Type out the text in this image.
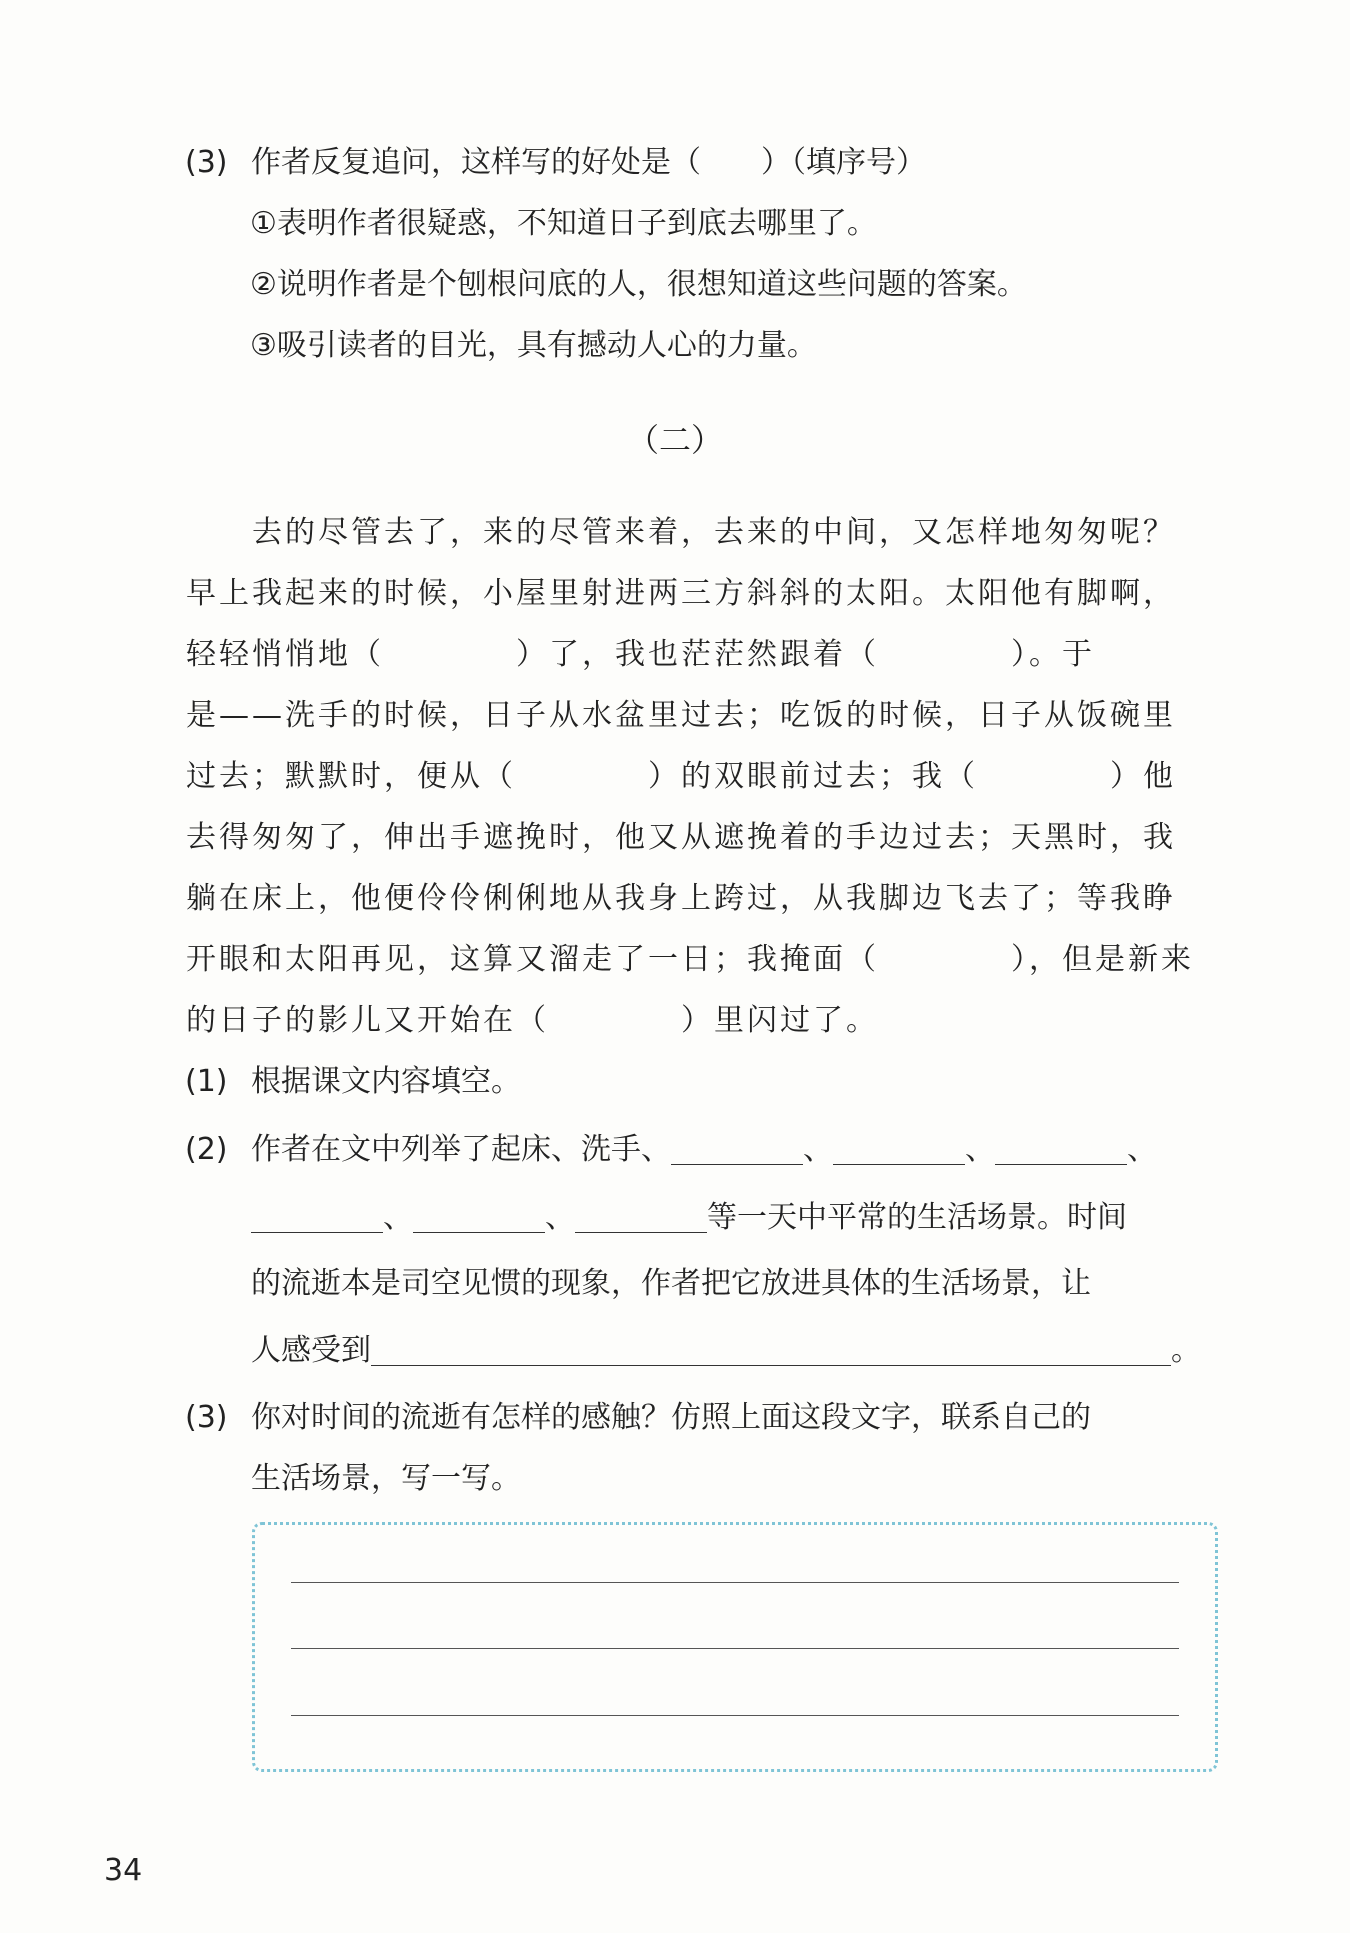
(3) 作者反复追问，这样写的好处是（　　）（填序号）

①表明作者很疑惑，不知道日子到底去哪里了。

②说明作者是个刨根问底的人，很想知道这些问题的答案。

③吸引读者的目光，具有撼动人心的力量。

（二）

　　去的尽管去了，来的尽管来着，去来的中间，又怎样地匆匆呢？

早上我起来的时候，小屋里射进两三方斜斜的太阳。太阳他有脚啊，

轻轻悄悄地（　　　　）了，我也茫茫然跟着（　　　　）。于

是——洗手的时候，日子从水盆里过去；吃饭的时候，日子从饭碗里

过去；默默时，便从（　　　　）的双眼前过去；我（　　　　）他

去得匆匆了，伸出手遮挽时，他又从遮挽着的手边过去；天黑时，我

躺在床上，他便伶伶俐俐地从我身上跨过，从我脚边飞去了；等我睁

开眼和太阳再见，这算又溜走了一日；我掩面（　　　　），但是新来

的日子的影儿又开始在（　　　　）里闪过了。

(1) 根据课文内容填空。

(2) 作者在文中列举了起床、洗手、	、	、	、

、	、	等一天中平常的生活场景。时间

的流逝本是司空见惯的现象，作者把它放进具体的生活场景，让

人感受到	。

(3) 你对时间的流逝有怎样的感触？仿照上面这段文字，联系自己的

生活场景，写一写。

34
